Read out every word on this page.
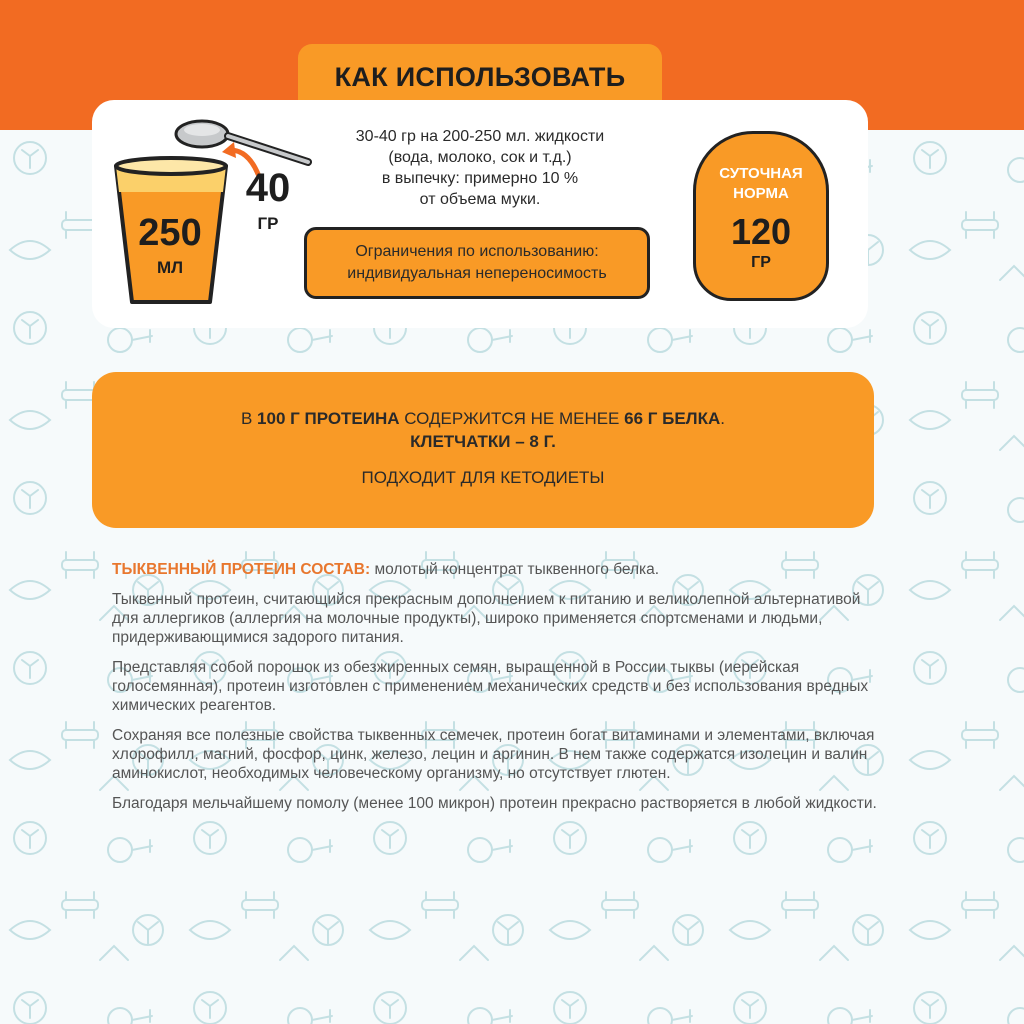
КАК ИСПОЛЬЗОВАТЬ
250
МЛ
40
ГР
30-40 гр на 200-250 мл. жидкости
(вода, молоко, сок и т.д.)
в выпечку: примерно 10 %
от объема муки.
Ограничения по использованию:
индивидуальная непереносимость
СУТОЧНАЯ
НОРМА
120
ГР
В 100 Г ПРОТЕИНА СОДЕРЖИТСЯ НЕ МЕНЕЕ 66 Г БЕЛКА.
КЛЕТЧАТКИ – 8 Г.
ПОДХОДИТ ДЛЯ КЕТОДИЕТЫ

ТЫКВЕННЫЙ ПРОТЕИН СОСТАВ: молотый концентрат тыквенного белка.

Тыквенный протеин, считающийся прекрасным дополнением к питанию и великолепной альтернативой для аллергиков (аллергия на молочные продукты), широко применяется спортсменами и людьми, придерживающимися задорого питания.

Представляя собой порошок из обезжиренных семян, выращенной в России тыквы (иерейская голосемянная), протеин изготовлен с применением механических средств и без использования вредных химических реагентов.

Сохраняя все полезные свойства тыквенных семечек, протеин богат витаминами и элементами, включая хлорофилл, магний, фосфор, цинк, железо, лецин и аргинин. В нем также содержатся изолецин и валин аминокислот, необходимых человеческому организму, но отсутствует глютен.

Благодаря мельчайшему помолу (менее 100 микрон) протеин прекрасно растворяется в любой жидкости.
